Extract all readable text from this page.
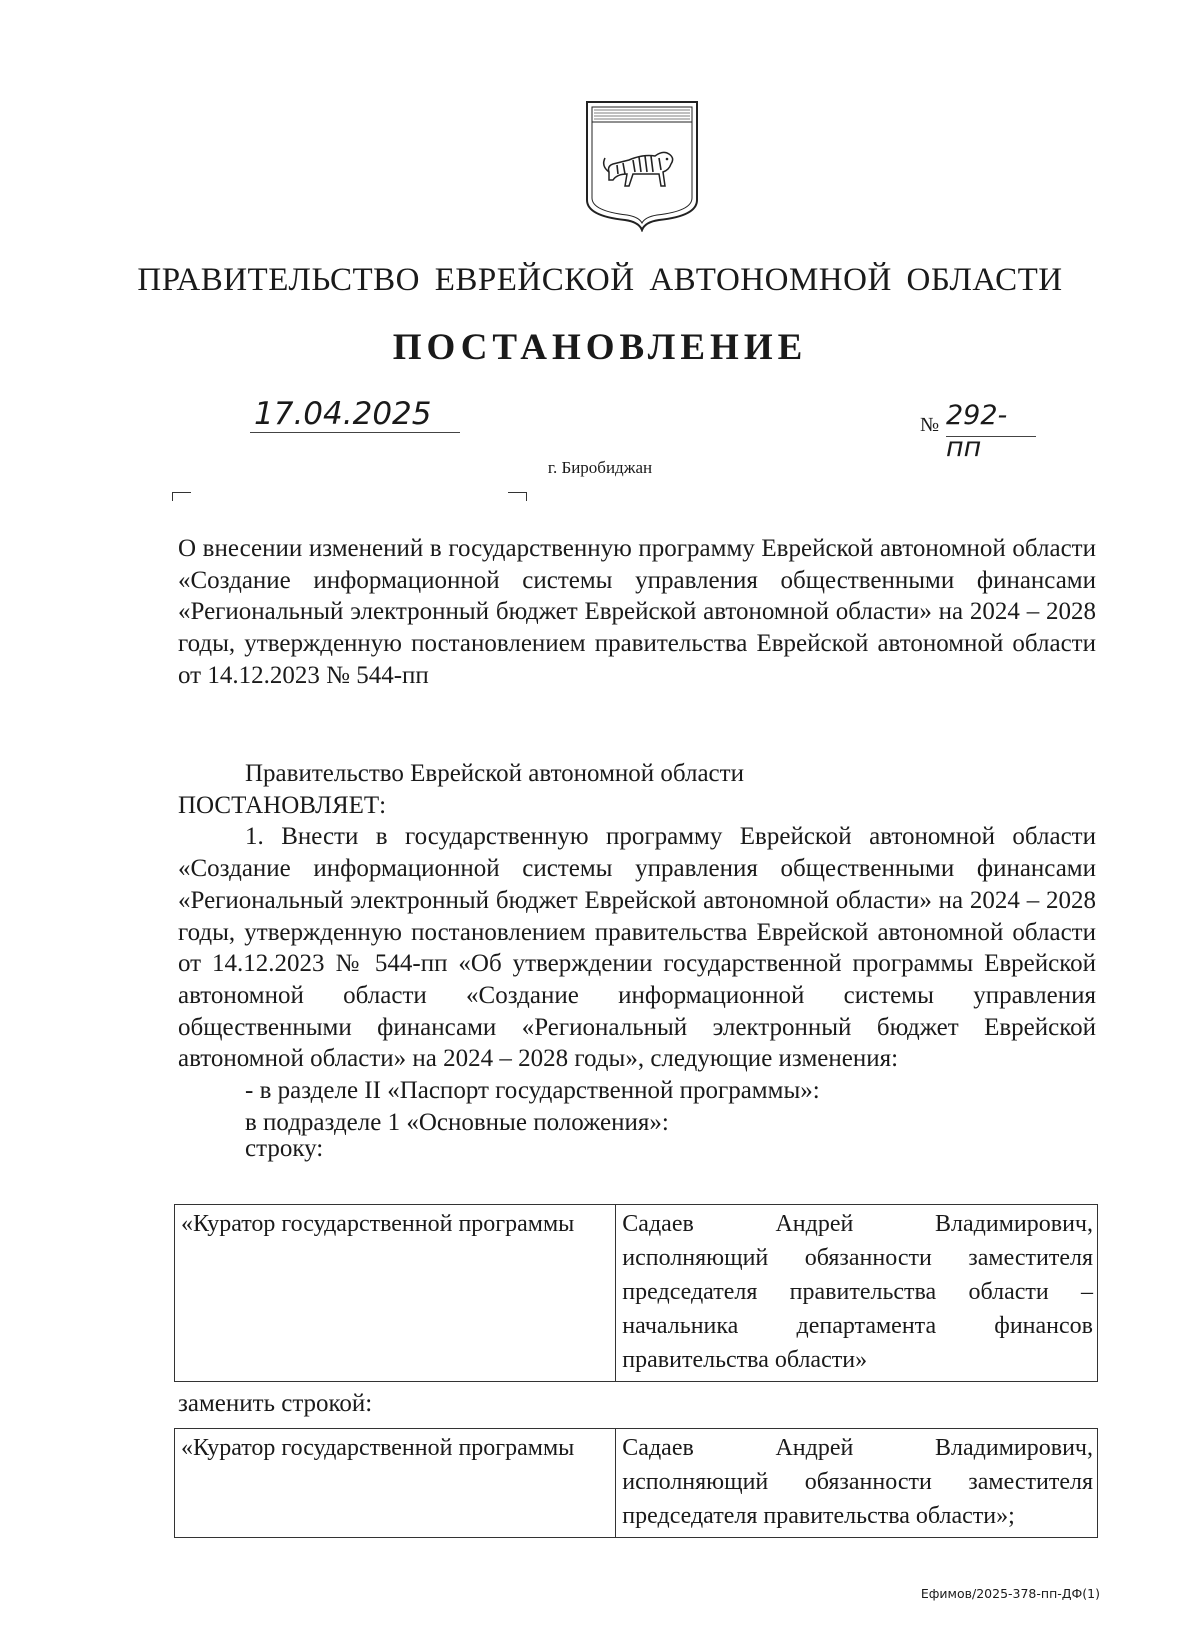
ПРАВИТЕЛЬСТВО ЕВРЕЙСКОЙ АВТОНОМНОЙ ОБЛАСТИ
ПОСТАНОВЛЕНИЕ
17.04.2025	№ 292-пп
г. Биробиджан
О внесении изменений в государственную программу Еврейской автономной области «Создание информационной системы управления общественными финансами «Региональный электронный бюджет Еврейской автономной области» на 2024 – 2028 годы, утвержденную постановлением правительства Еврейской автономной области от 14.12.2023 № 544-пп
Правительство Еврейской автономной области
ПОСТАНОВЛЯЕТ:
1. Внести в государственную программу Еврейской автономной области «Создание информационной системы управления общественными финансами «Региональный электронный бюджет Еврейской автономной области» на 2024 – 2028 годы, утвержденную постановлением правительства Еврейской автономной области от 14.12.2023 № 544-пп «Об утверждении государственной программы Еврейской автономной области «Создание информационной системы управления общественными финансами «Региональный электронный бюджет Еврейской автономной области» на 2024 – 2028 годы», следующие изменения:
- в разделе II «Паспорт государственной программы»:
в подразделе 1 «Основные положения»:
строку:
«Куратор государственной программы	Садаев Андрей Владимирович, исполняющий обязанности заместителя председателя правительства области – начальника департамента финансов правительства области»
заменить строкой:
«Куратор государственной программы	Садаев Андрей Владимирович, исполняющий обязанности заместителя председателя правительства области»;
Ефимов/2025-378-пп-ДФ(1)
